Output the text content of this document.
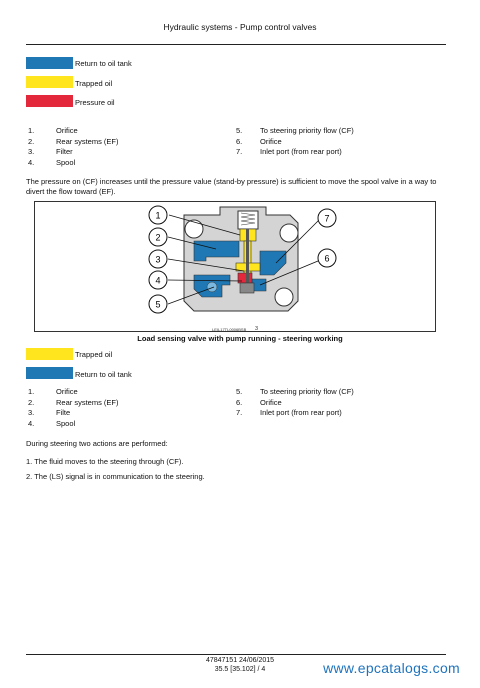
Hydraulic systems - Pump control valves
Return to oil tank
Trapped oil
Pressure oil
1.	Orifice
2.	Rear systems (EF)
3.	Filter
4.	Spool
5.	To steering priority flow (CF)
6.	Orifice
7.	Inlet port (from rear port)
The pressure on (CF) increases until the pressure value (stand-by pressure) is sufficient to move the spool valve in a way to divert the flow toward (EF).
1
2
3
4
5
6
7
LEIL17TL0006BSB 3
Load sensing valve with pump running - steering working
Trapped oil
Return to oil tank
1.	Orifice
2.	Rear systems (EF)
3.	Filte
4.	Spool
5.	To steering priority flow (CF)
6.	Orifice
7.	Inlet port (from rear port)
During steering two actions are performed:
1. The fluid moves to the steering through (CF).
2. The (LS) signal is in communication to the steering.
47847151 24/06/2015
35.5 [35.102] / 4	www.epcatalogs.com
